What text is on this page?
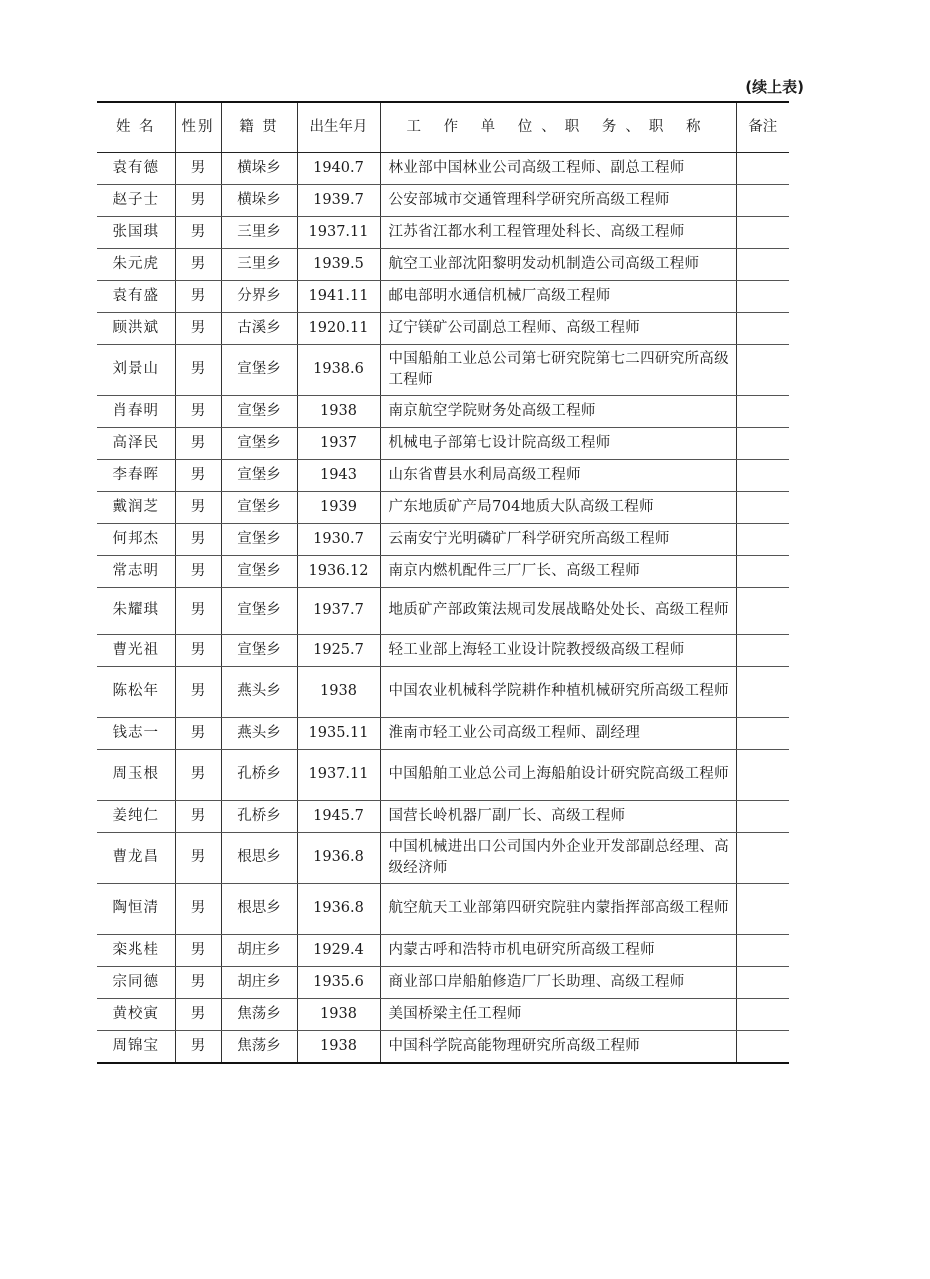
(续上表)
姓 名	性别	籍 贯	出生年月	工 作 单 位、职 务、职 称	备注
袁有德	男	横垛乡	1940.7	林业部中国林业公司高级工程师、副总工程师	
赵子士	男	横垛乡	1939.7	公安部城市交通管理科学研究所高级工程师	
张国琪	男	三里乡	1937.11	江苏省江都水利工程管理处科长、高级工程师	
朱元虎	男	三里乡	1939.5	航空工业部沈阳黎明发动机制造公司高级工程师	
袁有盛	男	分界乡	1941.11	邮电部明水通信机械厂高级工程师	
顾洪斌	男	古溪乡	1920.11	辽宁镁矿公司副总工程师、高级工程师	
刘景山	男	宣堡乡	1938.6	中国船舶工业总公司第七研究院第七二四研究所高级工程师	
肖春明	男	宣堡乡	1938	南京航空学院财务处高级工程师	
高泽民	男	宣堡乡	1937	机械电子部第七设计院高级工程师	
李春晖	男	宣堡乡	1943	山东省曹县水利局高级工程师	
戴润芝	男	宣堡乡	1939	广东地质矿产局704地质大队高级工程师	
何邦杰	男	宣堡乡	1930.7	云南安宁光明磷矿厂科学研究所高级工程师	
常志明	男	宣堡乡	1936.12	南京内燃机配件三厂厂长、高级工程师	
朱耀琪	男	宣堡乡	1937.7	地质矿产部政策法规司发展战略处处长、高级工程师	
曹光祖	男	宣堡乡	1925.7	轻工业部上海轻工业设计院教授级高级工程师	
陈松年	男	燕头乡	1938	中国农业机械科学院耕作种植机械研究所高级工程师	
钱志一	男	燕头乡	1935.11	淮南市轻工业公司高级工程师、副经理	
周玉根	男	孔桥乡	1937.11	中国船舶工业总公司上海船舶设计研究院高级工程师	
姜纯仁	男	孔桥乡	1945.7	国营长岭机器厂副厂长、高级工程师	
曹龙昌	男	根思乡	1936.8	中国机械进出口公司国内外企业开发部副总经理、高级经济师	
陶恒清	男	根思乡	1936.8	航空航天工业部第四研究院驻内蒙指挥部高级工程师	
栾兆桂	男	胡庄乡	1929.4	内蒙古呼和浩特市机电研究所高级工程师	
宗同德	男	胡庄乡	1935.6	商业部口岸船舶修造厂厂长助理、高级工程师	
黄校寅	男	焦荡乡	1938	美国桥梁主任工程师	
周锦宝	男	焦荡乡	1938	中国科学院高能物理研究所高级工程师	
